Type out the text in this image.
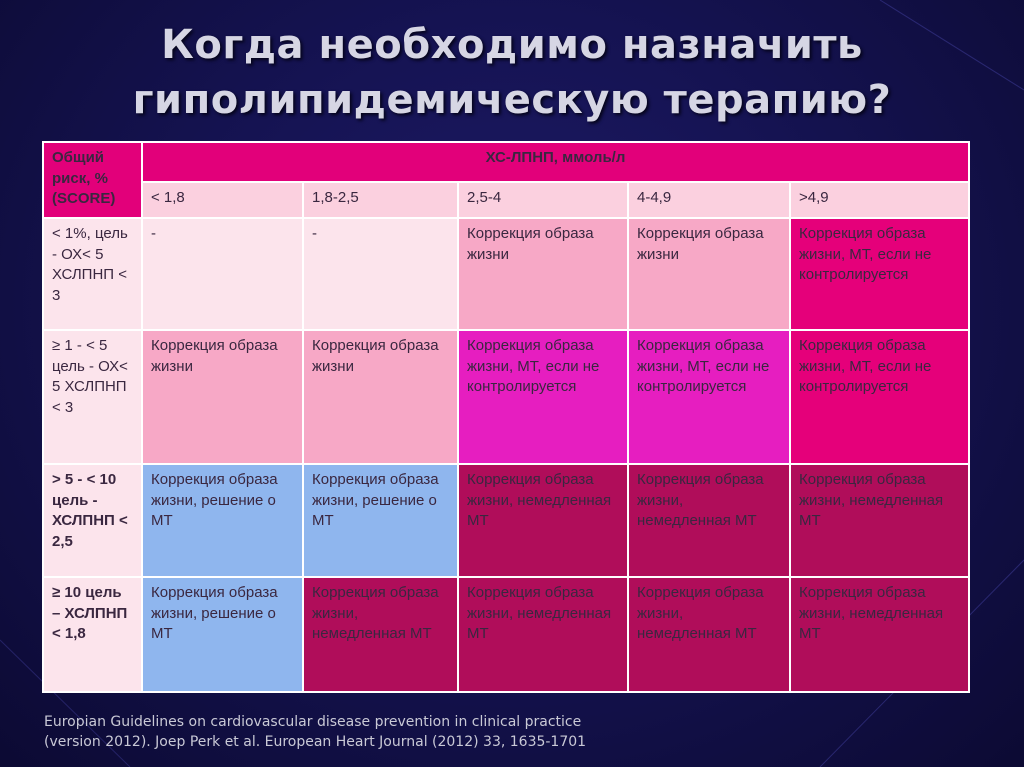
Когда необходимо назначить
гиполипидемическую терапию?
Общий риск, % (SCORE)	ХС-ЛПНП, ммоль/л				
	< 1,8	1,8-2,5	2,5-4	4-4,9	>4,9
< 1%, цель - ОХ< 5 ХСЛПНП < 3	-	-	Коррекция образа жизни	Коррекция образа жизни	Коррекция образа жизни, МТ, если не контролируется
≥ 1 - < 5 цель - ОХ< 5 ХСЛПНП < 3	Коррекция образа жизни	Коррекция образа жизни	Коррекция образа жизни, МТ, если не контролируется	Коррекция образа жизни, МТ, если не контролируется	Коррекция образа жизни, МТ, если не контролируется
> 5 - < 10 цель - ХСЛПНП < 2,5	Коррекция образа жизни, решение о МТ	Коррекция образа жизни, решение о МТ	Коррекция образа жизни, немедленная МТ	Коррекция образа жизни, немедленная МТ	Коррекция образа жизни, немедленная МТ
≥ 10 цель – ХСЛПНП < 1,8	Коррекция образа жизни, решение о МТ	Коррекция образа жизни, немедленная МТ	Коррекция образа жизни, немедленная МТ	Коррекция образа жизни, немедленная МТ	Коррекция образа жизни, немедленная МТ
Europian Guidelines on cardiovascular disease prevention in clinical practice
(version 2012). Joep Perk et al. European Heart Journal (2012) 33, 1635-1701
